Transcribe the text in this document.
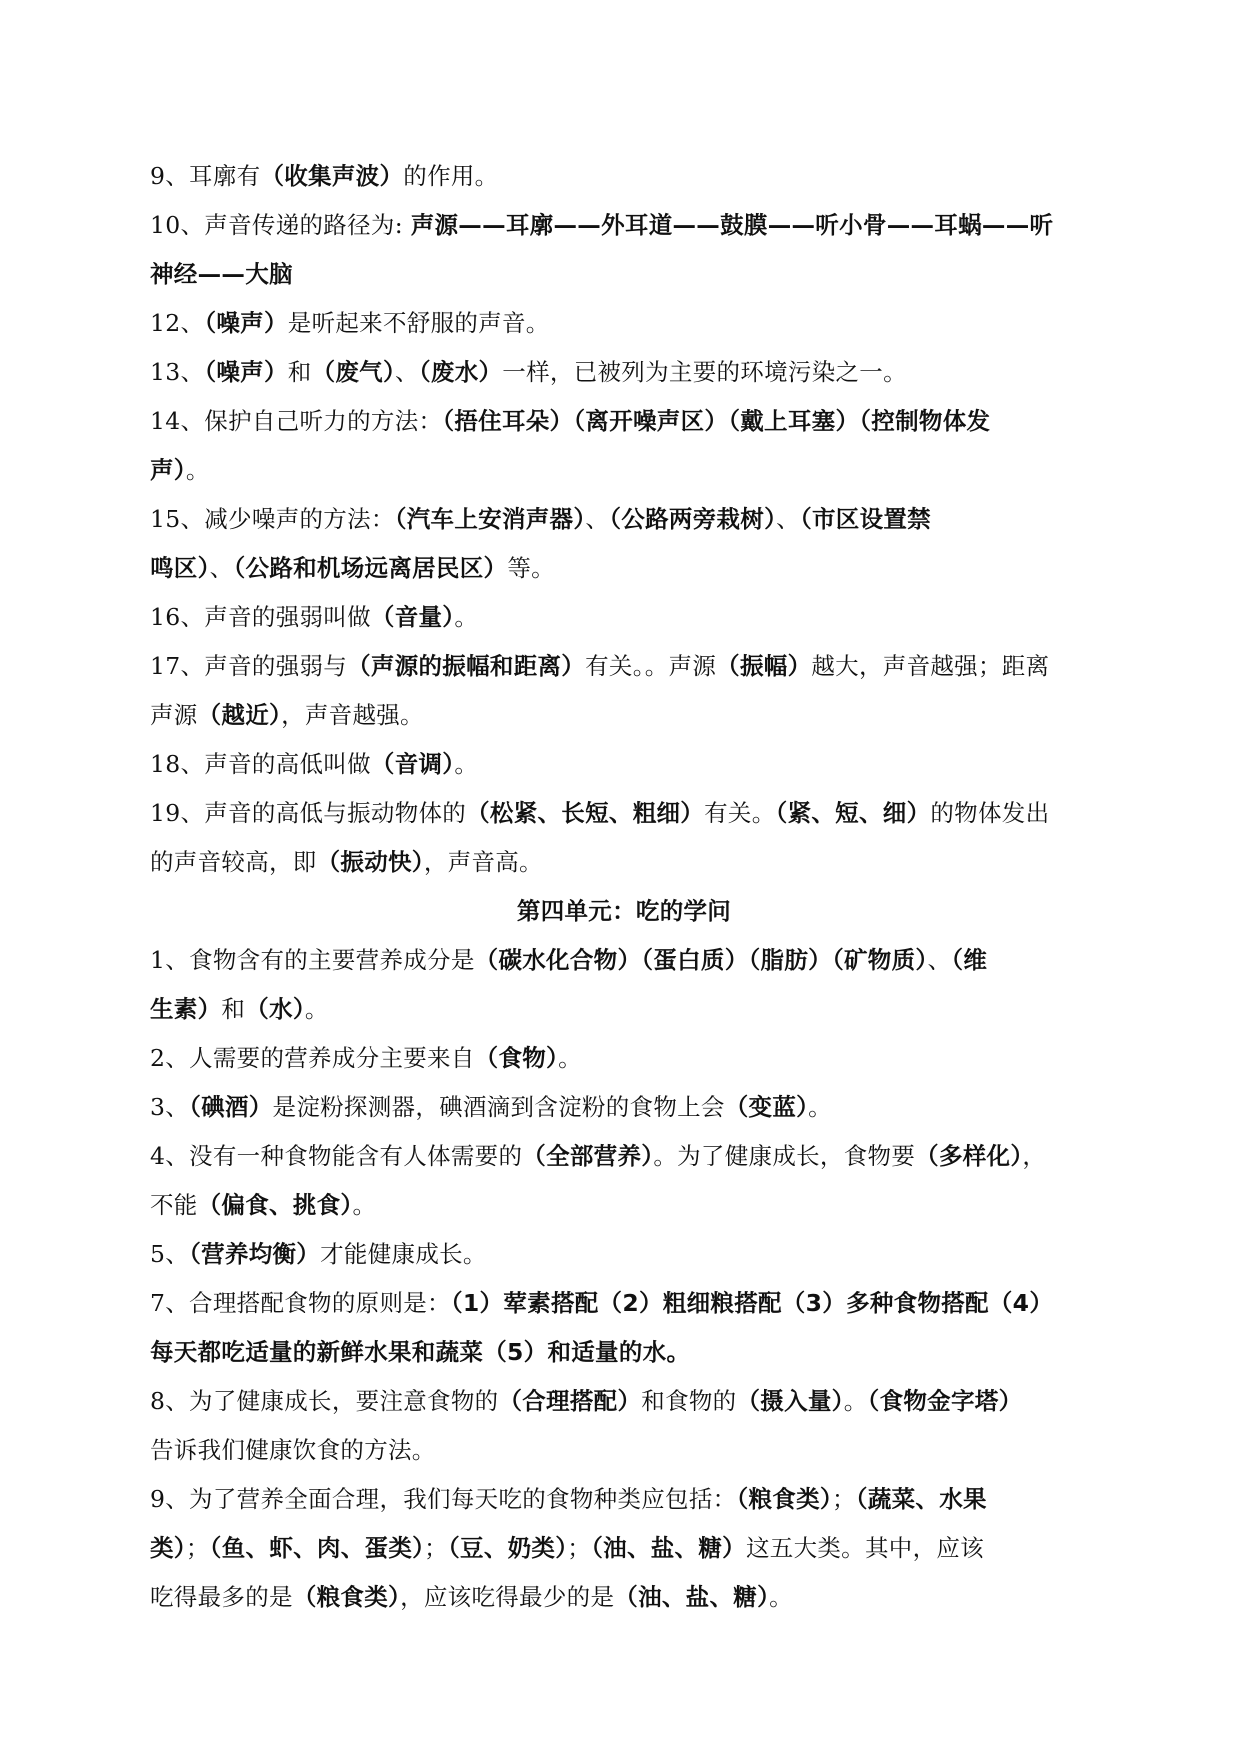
9、耳廓有（收集声波）的作用。
10、声音传递的路径为: 声源——耳廓——外耳道——鼓膜——听小骨——耳蜗——听
神经——大脑
12、（噪声）是听起来不舒服的声音。
13、（噪声）和（废气）、（废水）一样，已被列为主要的环境污染之一。
14、保护自己听力的方法：（捂住耳朵）（离开噪声区）（戴上耳塞）（控制物体发
声）。
15、减少噪声的方法：（汽车上安消声器）、（公路两旁栽树）、（市区设置禁
鸣区）、（公路和机场远离居民区）等。
16、声音的强弱叫做（音量）。
17、声音的强弱与（声源的振幅和距离）有关。。声源（振幅）越大，声音越强；距离
声源（越近），声音越强。
18、声音的高低叫做（音调）。
19、声音的高低与振动物体的（松紧、长短、粗细）有关。（紧、短、细）的物体发出
的声音较高，即（振动快），声音高。
第四单元：吃的学问
1、食物含有的主要营养成分是（碳水化合物）（蛋白质）（脂肪）（矿物质）、（维
生素）和（水）。
2、人需要的营养成分主要来自（食物）。
3、（碘酒）是淀粉探测器，碘酒滴到含淀粉的食物上会（变蓝）。
4、没有一种食物能含有人体需要的（全部营养）。为了健康成长，食物要（多样化），
不能（偏食、挑食）。
5、（营养均衡）才能健康成长。
7、合理搭配食物的原则是：（1）荤素搭配（2）粗细粮搭配（3）多种食物搭配（4）
每天都吃适量的新鲜水果和蔬菜（5）和适量的水。
8、为了健康成长，要注意食物的（合理搭配）和食物的（摄入量）。（食物金字塔）
告诉我们健康饮食的方法。
9、为了营养全面合理，我们每天吃的食物种类应包括：（粮食类）；（蔬菜、水果
类）；（鱼、虾、肉、蛋类）；（豆、奶类）；（油、盐、糖）这五大类。其中，应该
吃得最多的是（粮食类），应该吃得最少的是（油、盐、糖）。
